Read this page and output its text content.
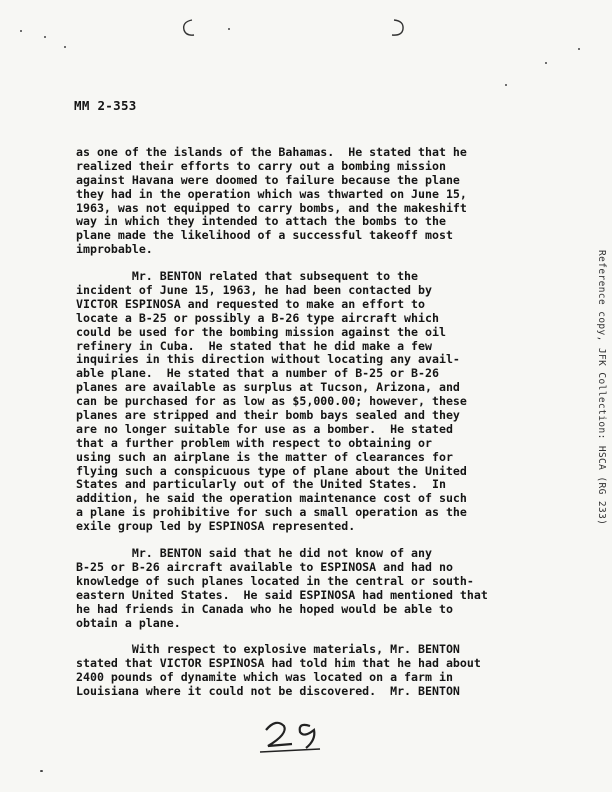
MM 2-353
as one of the islands of the Bahamas.  He stated that he
realized their efforts to carry out a bombing mission
against Havana were doomed to failure because the plane
they had in the operation which was thwarted on June 15,
1963, was not equipped to carry bombs, and the makeshift
way in which they intended to attach the bombs to the
plane made the likelihood of a successful takeoff most
improbable.
Mr. BENTON related that subsequent to the
incident of June 15, 1963, he had been contacted by
VICTOR ESPINOSA and requested to make an effort to
locate a B-25 or possibly a B-26 type aircraft which
could be used for the bombing mission against the oil
refinery in Cuba.  He stated that he did make a few
inquiries in this direction without locating any avail-
able plane.  He stated that a number of B-25 or B-26
planes are available as surplus at Tucson, Arizona, and
can be purchased for as low as $5,000.00; however, these
planes are stripped and their bomb bays sealed and they
are no longer suitable for use as a bomber.  He stated
that a further problem with respect to obtaining or
using such an airplane is the matter of clearances for
flying such a conspicuous type of plane about the United
States and particularly out of the United States.  In
addition, he said the operation maintenance cost of such
a plane is prohibitive for such a small operation as the
exile group led by ESPINOSA represented.
Mr. BENTON said that he did not know of any
B-25 or B-26 aircraft available to ESPINOSA and had no
knowledge of such planes located in the central or south-
eastern United States.  He said ESPINOSA had mentioned that
he had friends in Canada who he hoped would be able to
obtain a plane.
With respect to explosive materials, Mr. BENTON
stated that VICTOR ESPINOSA had told him that he had about
2400 pounds of dynamite which was located on a farm in
Louisiana where it could not be discovered.  Mr. BENTON
Reference copy, JFK Collection: HSCA (RG 233)
